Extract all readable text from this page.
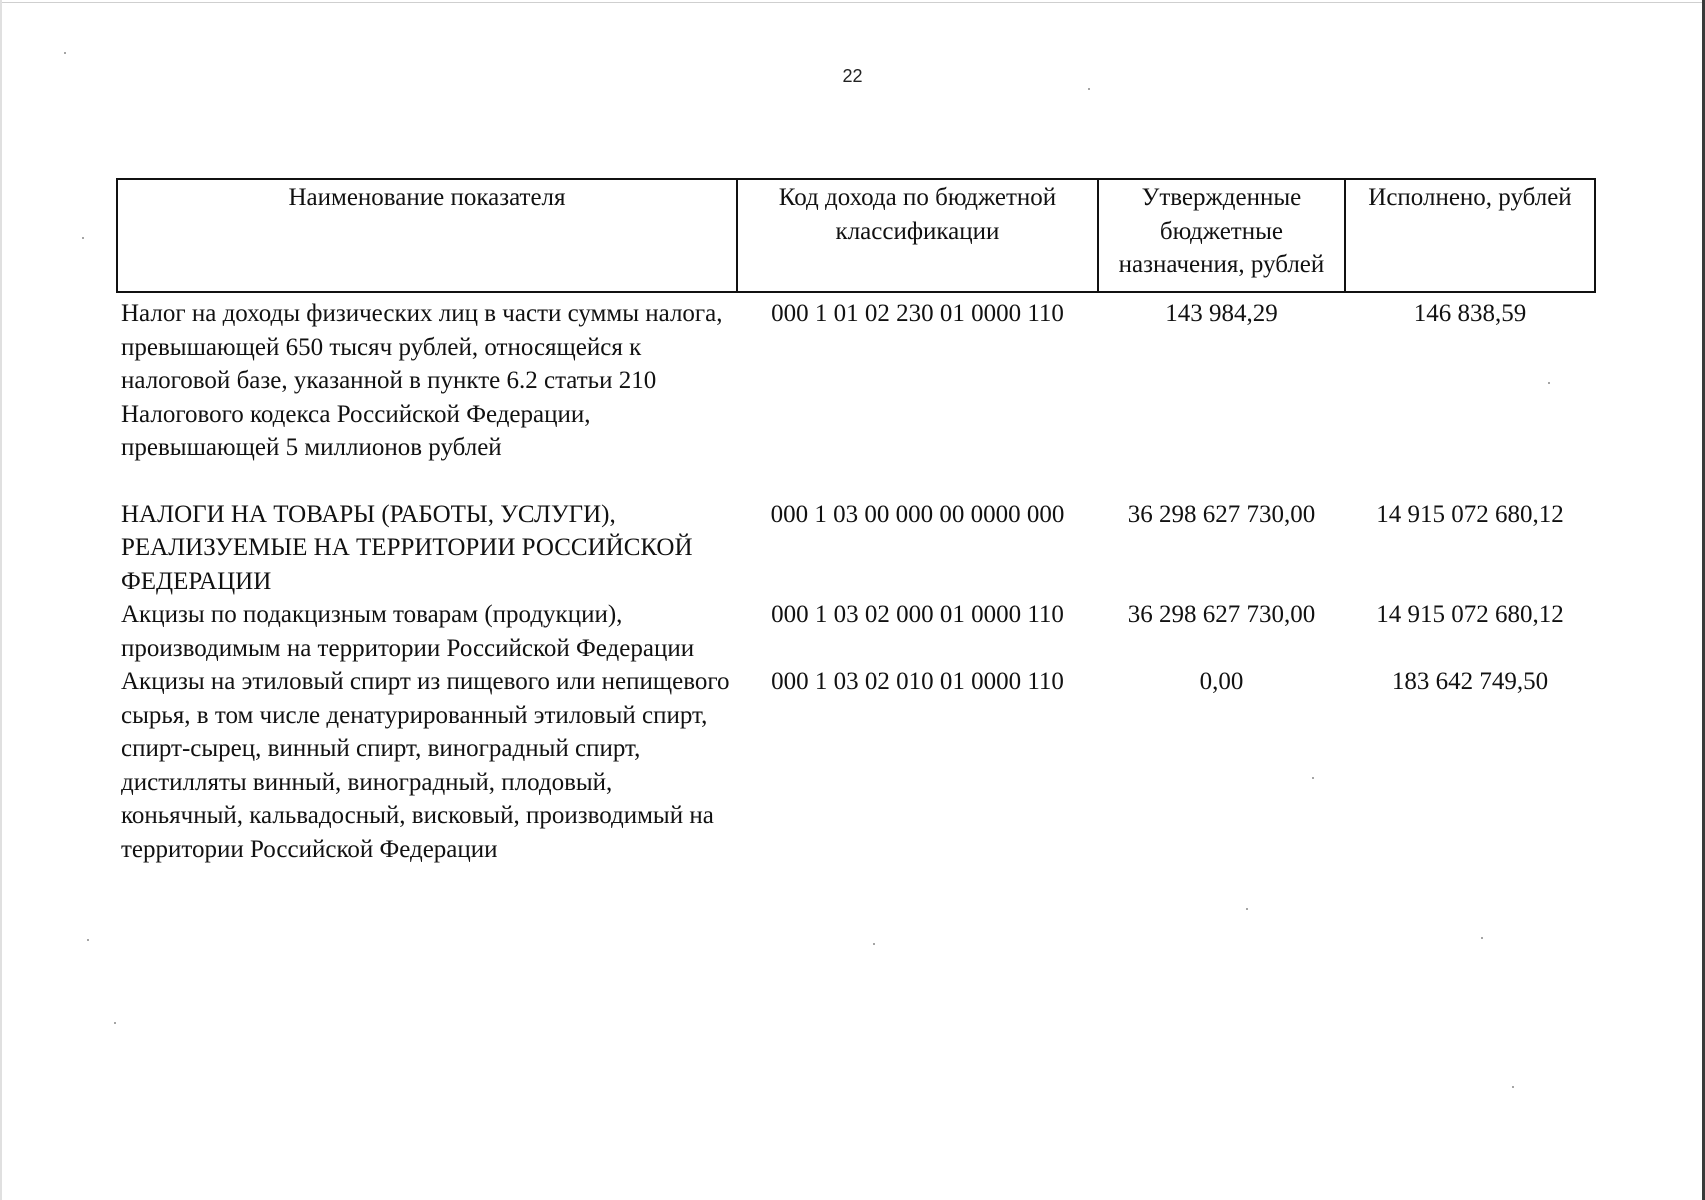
22
Наименование показателя	Код дохода по бюджетной классификации	Утвержденные бюджетные назначения, рублей	Исполнено, рублей
Налог на доходы физических лиц в части суммы налога, превышающей 650 тысяч рублей, относящейся к налоговой базе, указанной в пункте 6.2 статьи 210 Налогового кодекса Российской Федерации, превышающей 5 миллионов рублей	000 1 01 02 230 01 0000 110	143 984,29	146 838,59

НАЛОГИ НА ТОВАРЫ (РАБОТЫ, УСЛУГИ), РЕАЛИЗУЕМЫЕ НА ТЕРРИТОРИИ РОССИЙСКОЙ ФЕДЕРАЦИИ	000 1 03 00 000 00 0000 000	36 298 627 730,00	14 915 072 680,12
Акцизы по подакцизным товарам (продукции), производимым на территории Российской Федерации	000 1 03 02 000 01 0000 110	36 298 627 730,00	14 915 072 680,12
Акцизы на этиловый спирт из пищевого или непищевого сырья, в том числе денатурированный этиловый спирт, спирт-сырец, винный спирт, виноградный спирт, дистилляты винный, виноградный, плодовый, коньячный, кальвадосный, висковый, производимый на территории Российской Федерации	000 1 03 02 010 01 0000 110	0,00	183 642 749,50
